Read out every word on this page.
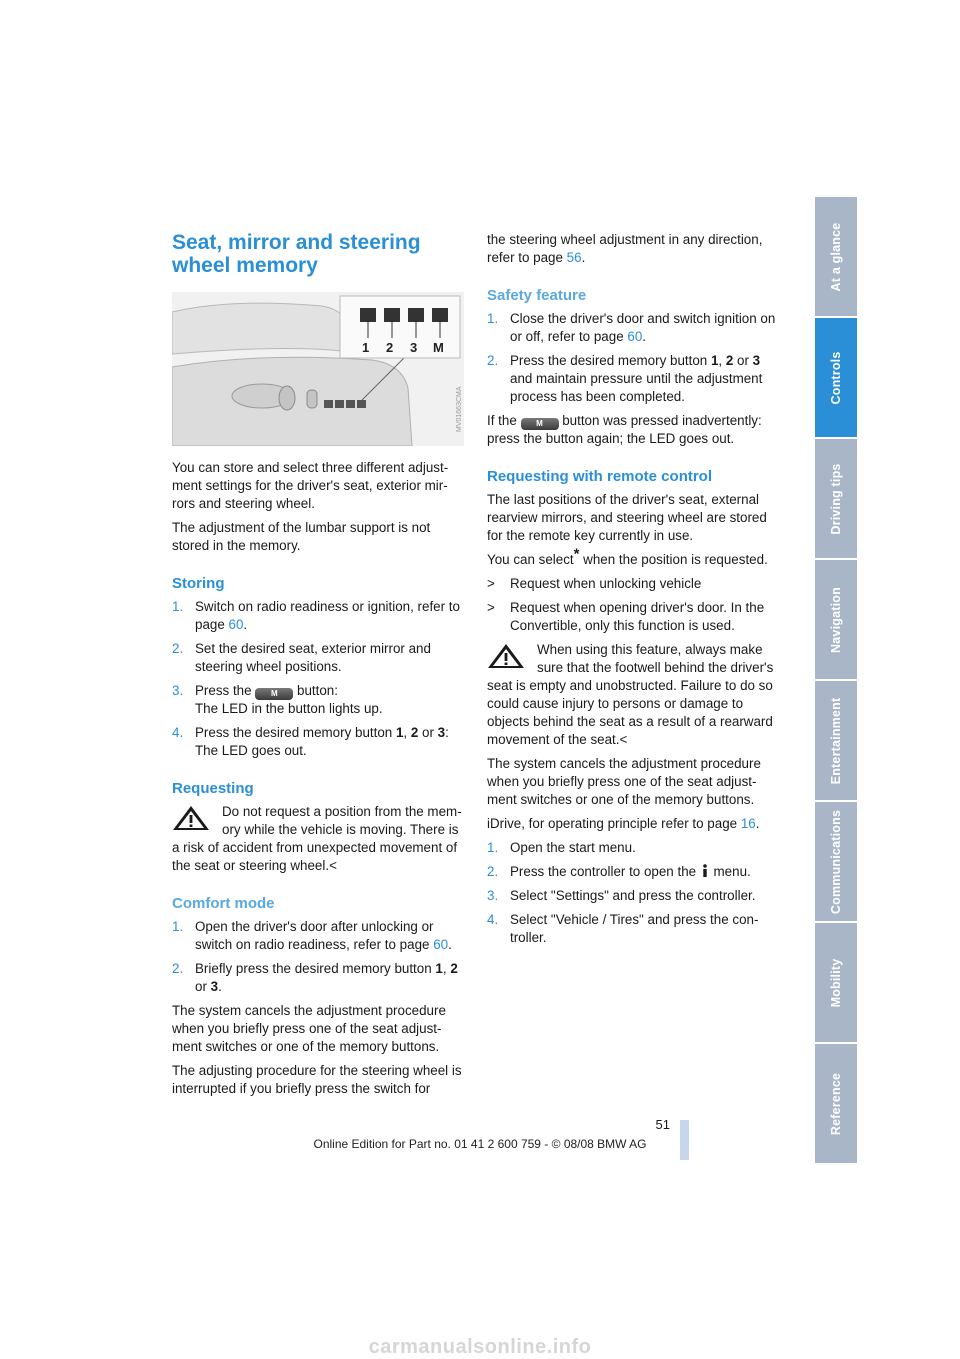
Seat, mirror and steering
wheel memory
1 2 3 M
MV01663CMA

You can store and select three different adjust-ment settings for the driver's seat, exterior mir-rors and steering wheel.

The adjustment of the lumbar support is not stored in the memory.

Storing
1. Switch on radio readiness or ignition, refer to page 60.
2. Set the desired seat, exterior mirror and steering wheel positions.
3. Press the M button:
The LED in the button lights up.
4. Press the desired memory button 1, 2 or 3:
The LED goes out.
Requesting
Do not request a position from the mem-ory while the vehicle is moving. There is a risk of accident from unexpected movement of the seat or steering wheel.<
Comfort mode
1. Open the driver's door after unlocking or switch on radio readiness, refer to page 60.
2. Briefly press the desired memory button 1, 2 or 3.

The system cancels the adjustment procedure when you briefly press one of the seat adjust-ment switches or one of the memory buttons.

The adjusting procedure for the steering wheel is interrupted if you briefly press the switch for

the steering wheel adjustment in any direction, refer to page 56.

Safety feature
1. Close the driver's door and switch ignition on or off, refer to page 60.
2. Press the desired memory button 1, 2 or 3 and maintain pressure until the adjustment process has been completed.

If the M button was pressed inadvertently: press the button again; the LED goes out.

Requesting with remote control

The last positions of the driver's seat, external rearview mirrors, and steering wheel are stored for the remote key currently in use.

You can select* when the position is requested.

> Request when unlocking vehicle
> Request when opening driver's door. In the Convertible, only this function is used.
When using this feature, always make sure that the footwell behind the driver's seat is empty and unobstructed. Failure to do so could cause injury to persons or damage to objects behind the seat as a result of a rearward movement of the seat.<

The system cancels the adjustment procedure when you briefly press one of the seat adjust-ment switches or one of the memory buttons.

iDrive, for operating principle refer to page 16.

1. Open the start menu.
2. Press the controller to open the  menu.
3. Select "Settings" and press the controller.
4. Select "Vehicle / Tires" and press the con-troller.
At a glance
Controls
Driving tips
Navigation
Entertainment
Communications
Mobility
Reference
51
Online Edition for Part no. 01 41 2 600 759 - © 08/08 BMW AG
carmanualsonline.info
